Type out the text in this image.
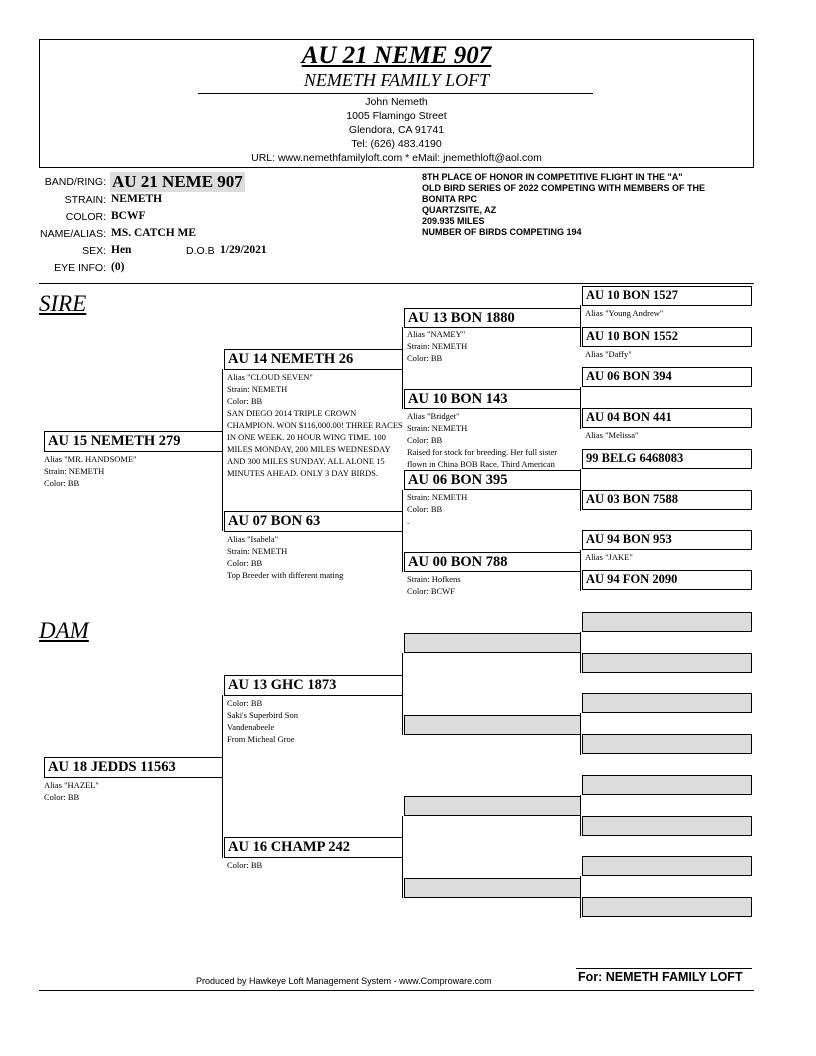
AU 21 NEME 907
NEMETH FAMILY LOFT
John Nemeth
1005 Flamingo Street
Glendora, CA 91741
Tel: (626) 483.4190
URL: www.nemethfamilyloft.com * eMail: jnemethloft@aol.com
BAND/RING: AU 21 NEME 907
STRAIN: NEMETH
COLOR: BCWF
NAME/ALIAS: MS. CATCH ME
SEX: Hen	D.O.B 1/29/2021
EYE INFO: (0)
8TH PLACE OF HONOR IN COMPETITIVE FLIGHT IN THE "A"
OLD BIRD SERIES OF 2022 COMPETING WITH MEMBERS OF THE
BONITA RPC
QUARTZSITE, AZ
209.935 MILES
NUMBER OF BIRDS COMPETING 194
SIRE
AU 15 NEMETH 279
Alias "MR. HANDSOME"
Strain: NEMETH
Color: BB
AU 14 NEMETH 26
Alias "CLOUD SEVEN"
Strain: NEMETH
Color: BB
SAN DIEGO 2014 TRIPLE CROWN CHAMPION. WON $116,000.00! THREE RACES IN ONE WEEK. 20 HOUR WING TIME. 100 MILES MONDAY, 200 MILES WEDNESDAY AND 300 MILES SUNDAY. ALL ALONE 15 MINUTES AHEAD. ONLY 3 DAY BIRDS.
AU 07 BON 63
Alias "Isabela"
Strain: NEMETH
Color: BB
Top Breeder with different mating
AU 13 BON 1880
Alias "NAMEY"
Strain: NEMETH
Color: BB
AU 10 BON 143
Alias "Bridget"
Strain: NEMETH
Color: BB
Raised for stock for breeding. Her full sister
flown in China BOB Race. Third American
AU 06 BON 395
Strain: NEMETH
Color: BB
.
AU 00 BON 788
Strain: Hofkens
Color: BCWF
AU 10 BON 1527
Alias "Young Andrew"
AU 10 BON 1552
Alias "Daffy"
AU 06 BON 394
AU 04 BON 441
Alias "Melissa"
99 BELG 6468083
AU 03 BON 7588
AU 94 BON 953
Alias "JAKE"
AU 94 FON 2090
DAM
AU 18 JEDDS 11563
Alias "HAZEL"
Color: BB
AU 13 GHC 1873
Color: BB
Saki's Superbird Son
Vandenabeele
From Micheal Groe
AU 16 CHAMP 242
Color: BB
Produced by Hawkeye Loft Management System - www.Comproware.com	For: NEMETH FAMILY LOFT
